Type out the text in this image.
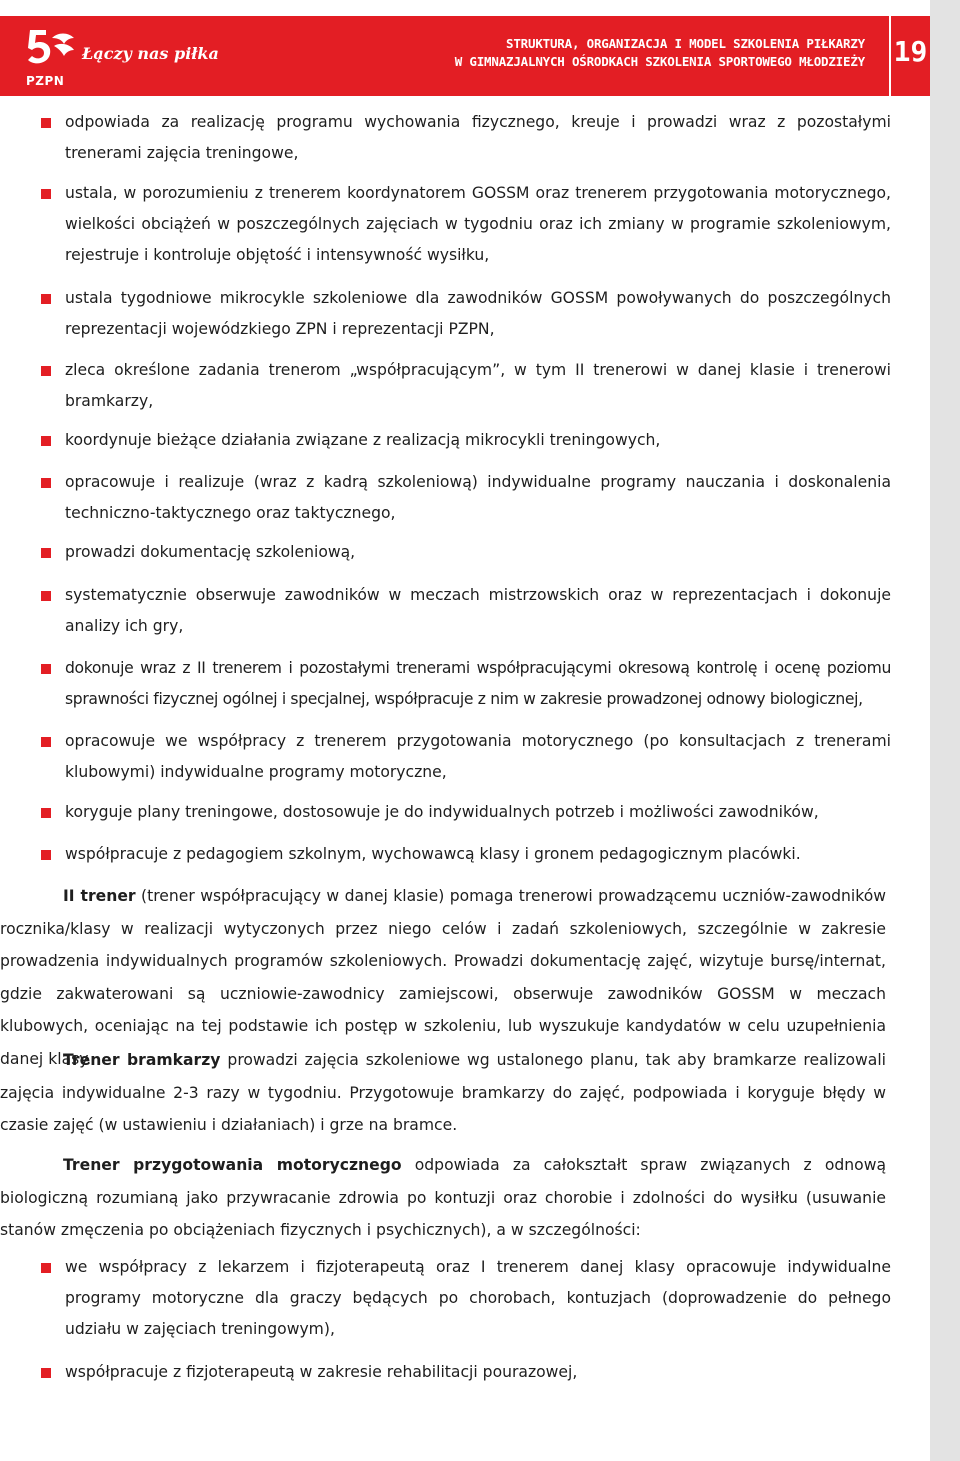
PZPN
Łączy nas piłka
STRUKTURA, ORGANIZACJA I MODEL SZKOLENIA PIŁKARZY
W GIMNAZJALNYCH OŚRODKACH SZKOLENIA SPORTOWEGO MŁODZIEŻY 19
odpowiada za realizację programu wychowania fizycznego, kreuje i prowadzi wraz z pozostałymi trenerami zajęcia treningowe,
ustala, w porozumieniu z trenerem koordynatorem GOSSM oraz trenerem przygotowania motorycznego, wielkości obciążeń w poszczególnych zajęciach w tygodniu oraz ich zmiany w programie szkoleniowym, rejestruje i kontroluje objętość i intensywność wysiłku,
ustala tygodniowe mikrocykle szkoleniowe dla zawodników GOSSM powoływanych do poszczególnych reprezentacji wojewódzkiego ZPN i reprezentacji PZPN,
zleca określone zadania trenerom „współpracującym”, w tym II trenerowi w danej klasie i trenerowi bramkarzy,
koordynuje bieżące działania związane z realizacją mikrocykli treningowych,
opracowuje i realizuje (wraz z kadrą szkoleniową) indywidualne programy nauczania i doskonalenia techniczno-taktycznego oraz taktycznego,
prowadzi dokumentację szkoleniową,
systematycznie obserwuje zawodników w meczach mistrzowskich oraz w reprezentacjach i dokonuje analizy ich gry,
dokonuje wraz z II trenerem i pozostałymi trenerami współpracującymi okresową kontrolę i ocenę poziomu sprawności fizycznej ogólnej i specjalnej, współpracuje z nim w zakresie prowadzonej odnowy biologicznej,
opracowuje we współpracy z trenerem przygotowania motorycznego (po konsultacjach z trenerami klubowymi) indywidualne programy motoryczne,
koryguje plany treningowe, dostosowuje je do indywidualnych potrzeb i możliwości zawodników,
współpracuje z pedagogiem szkolnym, wychowawcą klasy i gronem pedagogicznym placówki.
II trener (trener współpracujący w danej klasie) pomaga trenerowi prowadzącemu uczniów-zawodników rocznika/klasy w realizacji wytyczonych przez niego celów i zadań szkoleniowych, szczególnie w zakresie prowadzenia indywidualnych programów szkoleniowych. Prowadzi dokumentację zajęć, wizytuje bursę/internat, gdzie zakwaterowani są uczniowie-zawodnicy zamiejscowi, obserwuje zawodników GOSSM w meczach klubowych, oceniając na tej podstawie ich postęp w szkoleniu, lub wyszukuje kandydatów w celu uzupełnienia danej klasy.
Trener bramkarzy prowadzi zajęcia szkoleniowe wg ustalonego planu, tak aby bramkarze realizowali zajęcia indywidualne 2-3 razy w tygodniu. Przygotowuje bramkarzy do zajęć, podpowiada i koryguje błędy w czasie zajęć (w ustawieniu i działaniach) i grze na bramce.
Trener przygotowania motorycznego odpowiada za całokształt spraw związanych z odnową biologiczną rozumianą jako przywracanie zdrowia po kontuzji oraz chorobie i zdolności do wysiłku (usuwanie stanów zmęczenia po obciążeniach fizycznych i psychicznych), a w szczególności:
we współpracy z lekarzem i fizjoterapeutą oraz I trenerem danej klasy opracowuje indywidualne programy motoryczne dla graczy będących po chorobach, kontuzjach (doprowadzenie do pełnego udziału w zajęciach treningowym),
współpracuje z fizjoterapeutą w zakresie rehabilitacji pourazowej,
